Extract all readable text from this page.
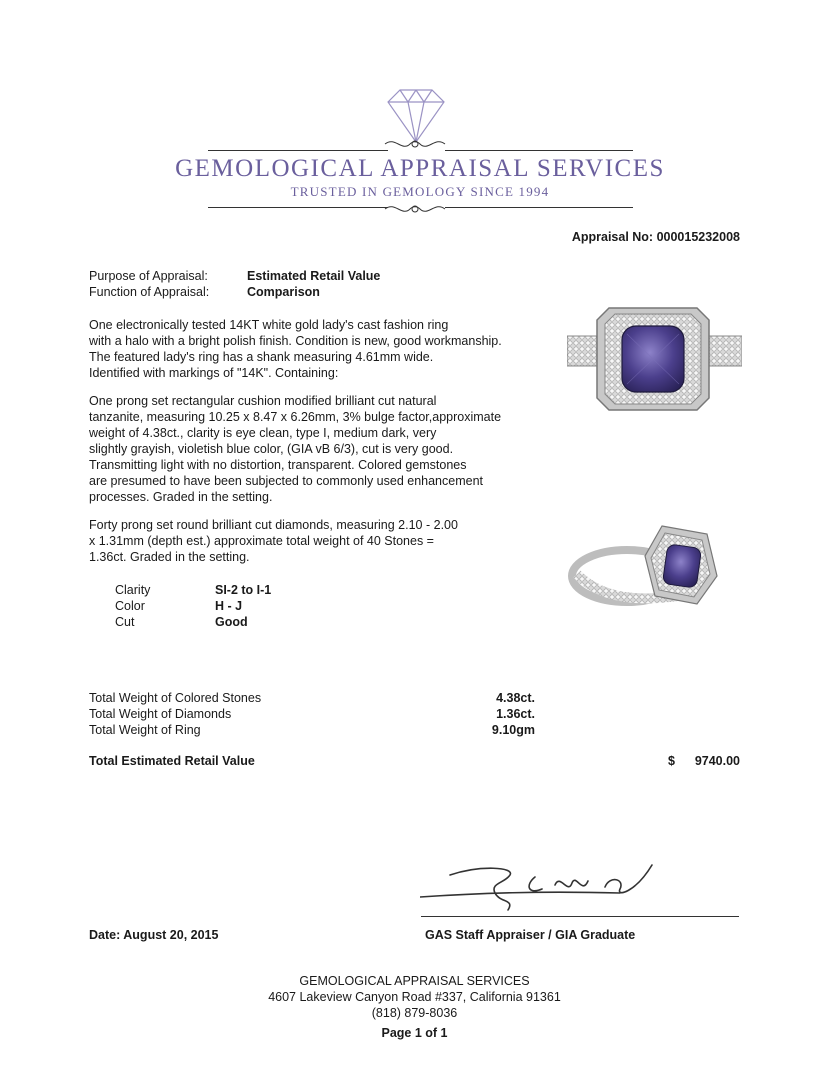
GEMOLOGICAL APPRAISAL SERVICES
TRUSTED IN GEMOLOGY SINCE 1994
Appraisal No: 000015232008
Purpose of Appraisal:	Estimated Retail Value
Function of Appraisal:	Comparison
One electronically tested 14KT white gold lady's cast fashion ring
with a halo with a bright polish finish. Condition is new, good workmanship.
The featured lady's ring has a shank measuring 4.61mm wide.
Identified with markings of "14K". Containing:
One prong set rectangular cushion modified brilliant cut natural
tanzanite, measuring 10.25 x 8.47 x 6.26mm, 3% bulge factor,approximate
weight of 4.38ct., clarity is eye clean, type I, medium dark, very
slightly grayish, violetish blue color, (GIA vB 6/3), cut is very good.
Transmitting light with no distortion, transparent. Colored gemstones
are presumed to have been subjected to commonly used enhancement
processes. Graded in the setting.
Forty prong set round brilliant cut diamonds, measuring 2.10 - 2.00
x 1.31mm (depth est.) approximate total weight of 40 Stones =
1.36ct. Graded in the setting.
Clarity	SI-2 to I-1
Color	H - J
Cut	Good
Total Weight of Colored Stones	4.38ct.
Total Weight of Diamonds	1.36ct.
Total Weight of Ring	9.10gm
Total Estimated Retail Value	$ 9740.00
Date: August 20, 2015	GAS Staff Appraiser / GIA Graduate
GEMOLOGICAL APPRAISAL SERVICES
4607 Lakeview Canyon Road #337, California 91361
(818) 879-8036
Page 1 of 1
